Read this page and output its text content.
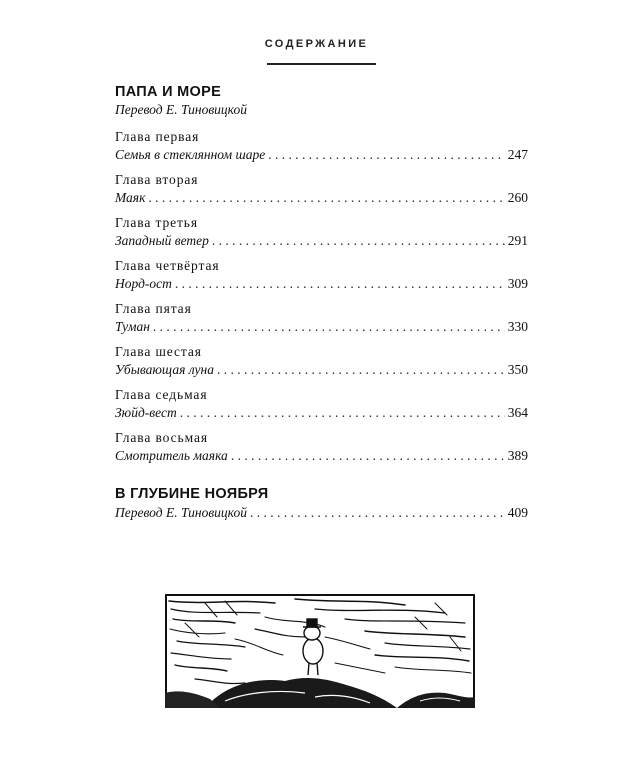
СОДЕРЖАНИЕ
ПАПА И МОРЕ
Перевод Е. Тиновицкой
Глава первая
Семья в стеклянном шаре . . .	247
Глава вторая
Маяк . . .	260
Глава третья
Западный ветер . . .	291
Глава четвёртая
Норд-ост . . .	309
Глава пятая
Туман . . .	330
Глава шестая
Убывающая луна . . .	350
Глава седьмая
Зюйд-вест . . .	364
Глава восьмая
Смотритель маяка . . .	389
В ГЛУБИНЕ НОЯБРЯ
Перевод Е. Тиновицкой . . .	409
